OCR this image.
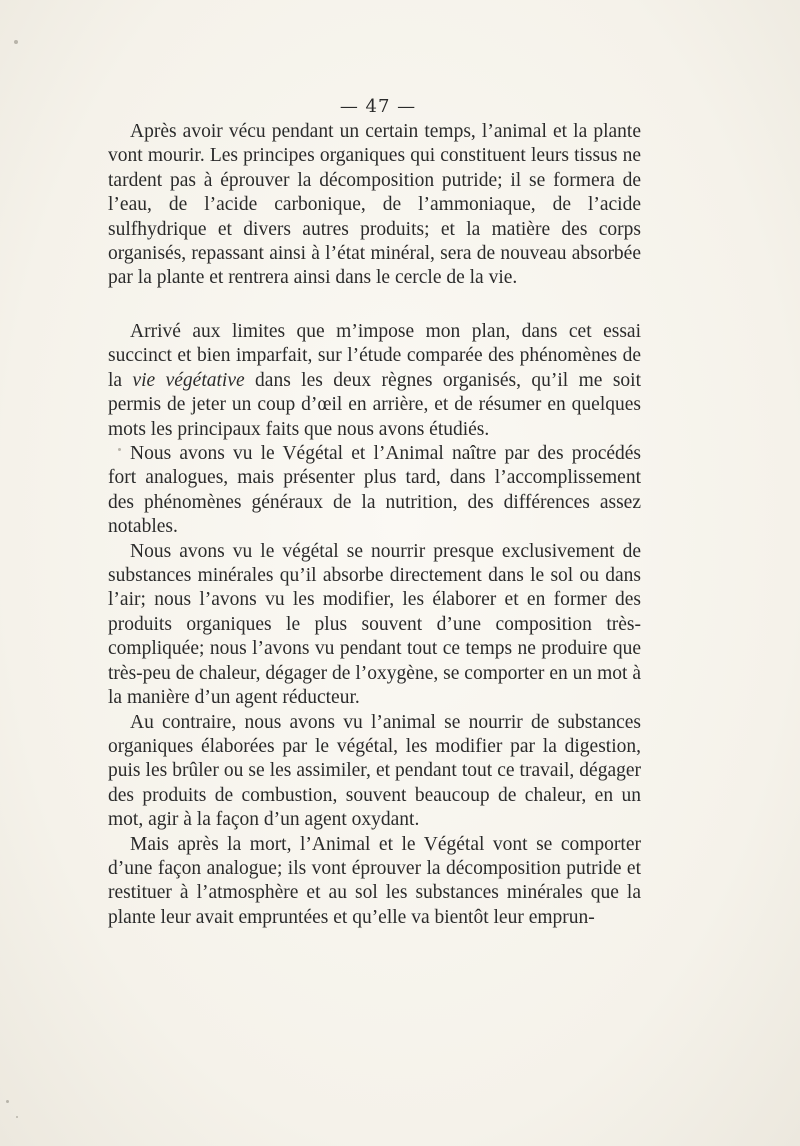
— 47 —

Après avoir vécu pendant un certain temps, l’animal et la plante vont mourir. Les principes organiques qui constituent leurs tissus ne tardent pas à éprouver la décomposition putride; il se formera de l’eau, de l’acide carbonique, de l’ammoniaque, de l’acide sulfhydrique et divers autres produits; et la matière des corps organisés, repassant ainsi à l’état minéral, sera de nouveau absorbée par la plante et rentrera ainsi dans le cercle de la vie.

Arrivé aux limites que m’impose mon plan, dans cet essai succinct et bien imparfait, sur l’étude comparée des phénomènes de la vie végétative dans les deux règnes organisés, qu’il me soit permis de jeter un coup d’œil en arrière, et de résumer en quelques mots les principaux faits que nous avons étudiés.

Nous avons vu le Végétal et l’Animal naître par des procédés fort analogues, mais présenter plus tard, dans l’accomplissement des phénomènes généraux de la nutrition, des différences assez notables.

Nous avons vu le végétal se nourrir presque exclusivement de substances minérales qu’il absorbe directement dans le sol ou dans l’air; nous l’avons vu les modifier, les élaborer et en former des produits organiques le plus souvent d’une composition très-compliquée; nous l’avons vu pendant tout ce temps ne produire que très-peu de chaleur, dégager de l’oxygène, se comporter en un mot à la manière d’un agent réducteur.

Au contraire, nous avons vu l’animal se nourrir de substances organiques élaborées par le végétal, les modifier par la digestion, puis les brûler ou se les assimiler, et pendant tout ce travail, dégager des produits de combustion, souvent beaucoup de chaleur, en un mot, agir à la façon d’un agent oxydant.

Mais après la mort, l’Animal et le Végétal vont se comporter d’une façon analogue; ils vont éprouver la décomposition putride et restituer à l’atmosphère et au sol les substances minérales que la plante leur avait empruntées et qu’elle va bientôt leur emprun-
